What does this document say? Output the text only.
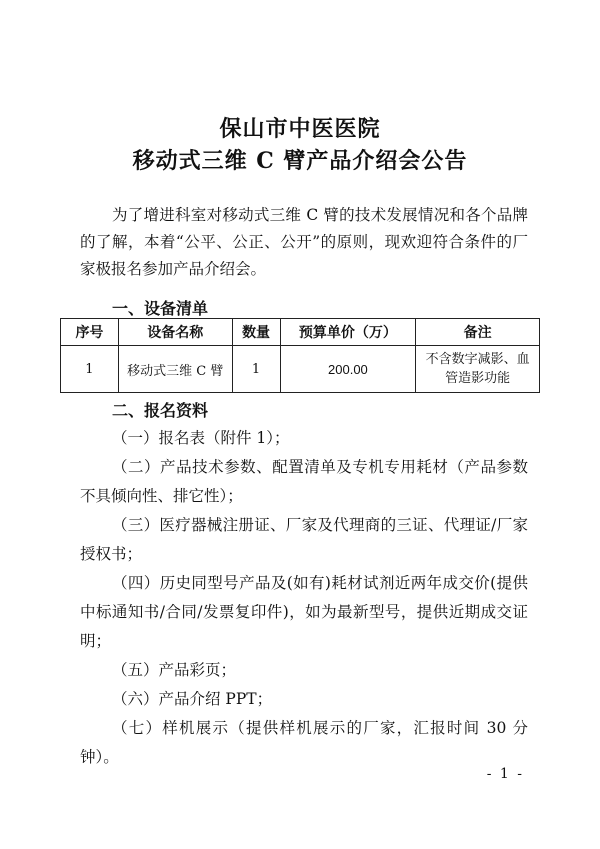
保山市中医医院
移动式三维 C 臂产品介绍会公告
为了增进科室对移动式三维 C 臂的技术发展情况和各个品牌的了解，本着“公平、公正、公开”的原则，现欢迎符合条件的厂家极报名参加产品介绍会。
一、设备清单
序号	设备名称	数量	预算单价（万）	备注
1	移动式三维 C 臂	1	200.00	不含数字减影、血管造影功能
二、报名资料
（一）报名表（附件 1）；
（二）产品技术参数、配置清单及专机专用耗材（产品参数不具倾向性、排它性）；
（三）医疗器械注册证、厂家及代理商的三证、代理证/厂家授权书；
（四）历史同型号产品及(如有)耗材试剂近两年成交价(提供中标通知书/合同/发票复印件)，如为最新型号，提供近期成交证明；
（五）产品彩页；
（六）产品介绍 PPT；
（七）样机展示（提供样机展示的厂家，汇报时间 30 分钟）。
- 1 -
